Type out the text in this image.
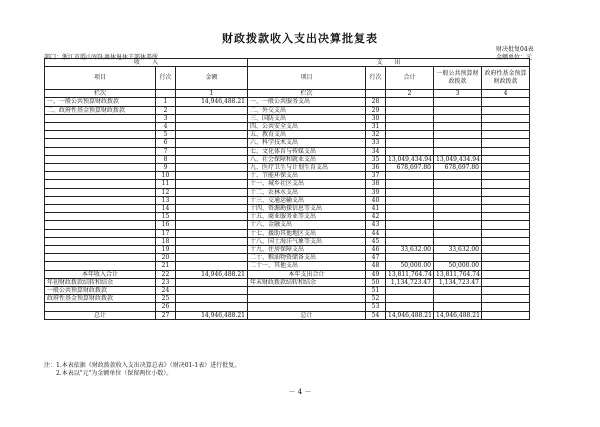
财政拨款收入支出决算批复表
财决批复04表
部门：浙江市霞山军队离休退休干部休养所	金额单位：元
收　　入			支　　出				
项目	行次	金额	项目	行次	合计	一般公共预算财政拨款	政府性基金预算财政拨款
栏次		1	栏次		2	3	4
一、一般公共预算财政拨款	1	14,946,488.21	一、一般公共服务支出	28			
二、政府性基金预算财政拨款	2		二、外交支出	29			
	3		三、国防支出	30			
	4		四、公共安全支出	31			
	5		五、教育支出	32			
	6		六、科学技术支出	33			
	7		七、文化体育与传媒支出	34			
	8		八、社会保障和就业支出	35	13,049,434.94	13,049,434.94	
	9		九、医疗卫生与计划生育支出	36	678,697.80	678,697.80	
	10		十、节能环保支出	37			
	11		十一、城乡社区支出	38			
	12		十二、农林水支出	39			
	13		十三、交通运输支出	40			
	14		十四、资源勘探信息等支出	41			
	15		十五、商业服务业等支出	42			
	16		十六、金融支出	43			
	17		十七、援助其他地区支出	44			
	18		十八、国土海洋气象等支出	45			
	19		十九、住房保障支出	46	33,632.00	33,632.00	
	20		二十、粮油物资储备支出	47			
	21		二十一、其他支出	48	50,000.00	50,000.00	
本年收入合计	22	14,946,488.21	本年支出合计	49	13,811,764.74	13,811,764.74	
年初财政拨款结转和结余	23		年末财政拨款结转和结余	50	1,134,723.47	1,134,723.47	
一般公共预算财政拨款	24			51			
政府性基金预算财政拨款	25			52			
	26			53			
总计	27	14,946,488.21	总计	54	14,946,488.21	14,946,488.21	
注：1.本表依据《财政拨款收入支出决算总表》（财决01-1表）进行批复。
　　2.本表以"元"为金额单位（保留两位小数）。
－ 4 －
